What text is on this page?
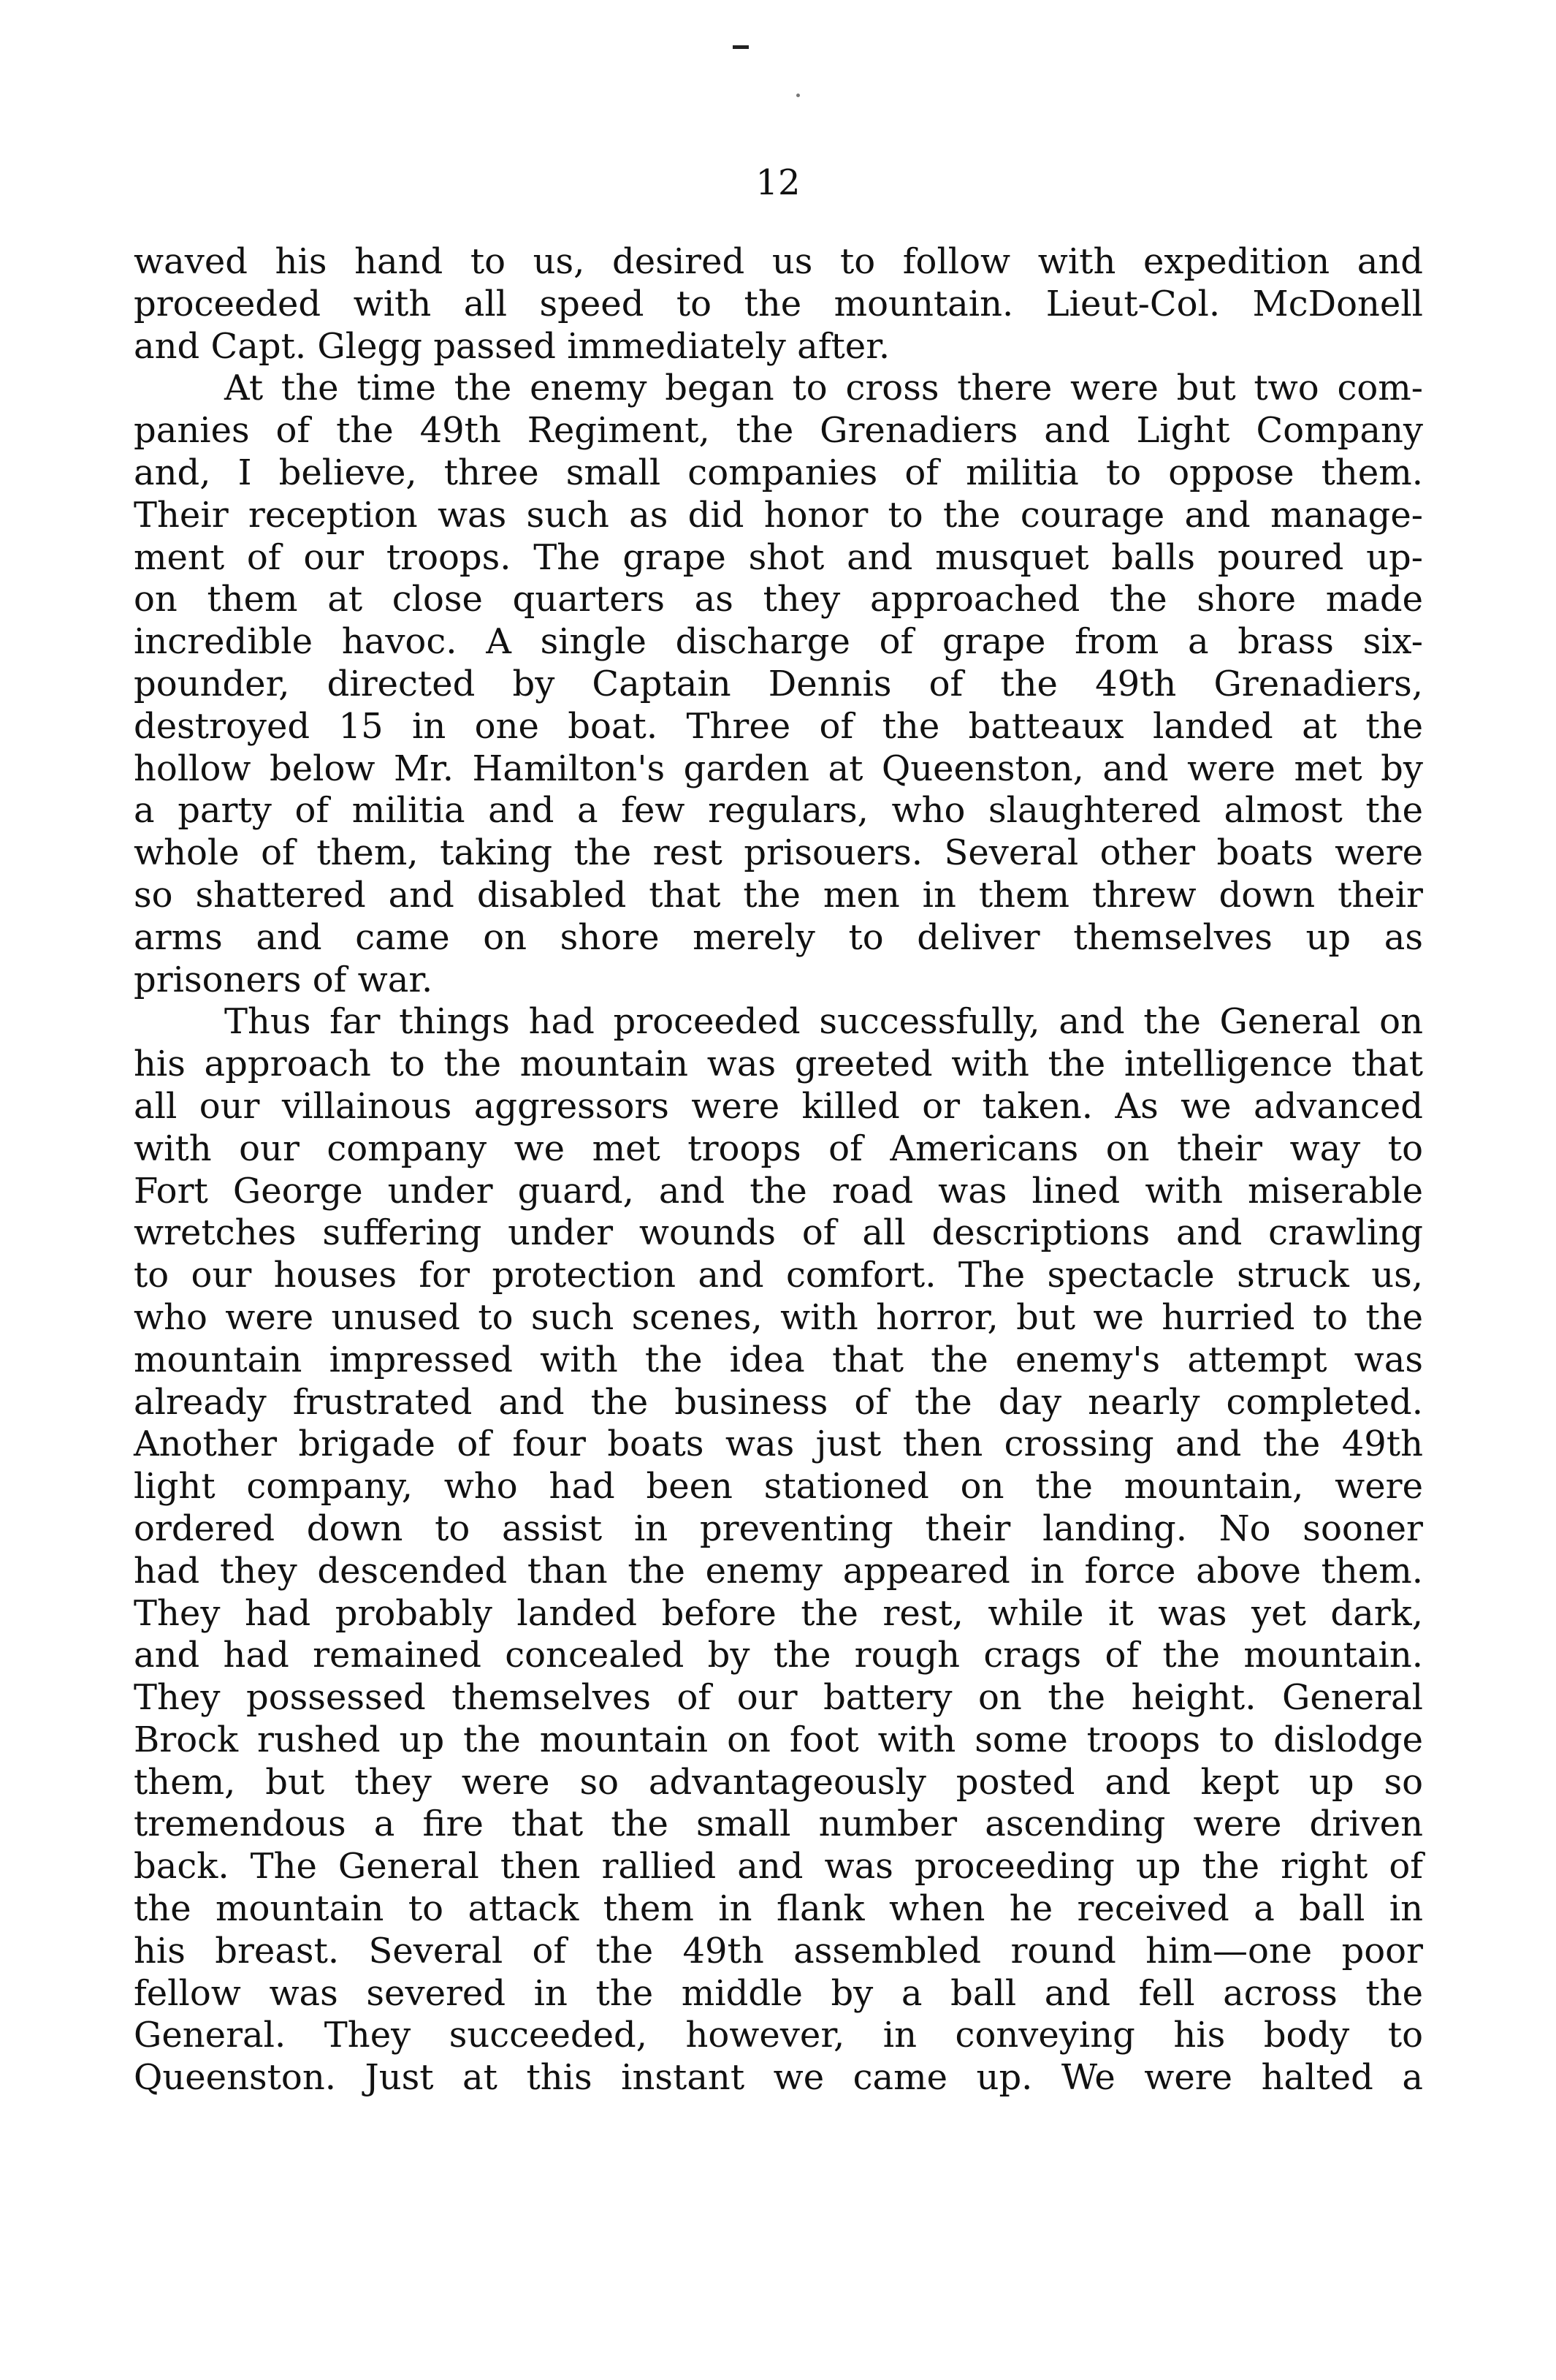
12
waved his hand to us, desired us to follow with expedition and
proceeded with all speed to the mountain. Lieut-Col. McDonell
and Capt. Glegg passed immediately after.
At the time the enemy began to cross there were but two com-
panies of the 49th Regiment, the Grenadiers and Light Company
and, I believe, three small companies of militia to oppose them.
Their reception was such as did honor to the courage and manage-
ment of our troops. The grape shot and musquet balls poured up-
on them at close quarters as they approached the shore made
incredible havoc. A single discharge of grape from a brass six-
pounder, directed by Captain Dennis of the 49th Grenadiers,
destroyed 15 in one boat. Three of the batteaux landed at the
hollow below Mr. Hamilton's garden at Queenston, and were met by
a party of militia and a few regulars, who slaughtered almost the
whole of them, taking the rest prisouers. Several other boats were
so shattered and disabled that the men in them threw down their
arms and came on shore merely to deliver themselves up as
prisoners of war.
Thus far things had proceeded successfully, and the General on
his approach to the mountain was greeted with the intelligence that
all our villainous aggressors were killed or taken. As we advanced
with our company we met troops of Americans on their way to
Fort George under guard, and the road was lined with miserable
wretches suffering under wounds of all descriptions and crawling
to our houses for protection and comfort. The spectacle struck us,
who were unused to such scenes, with horror, but we hurried to the
mountain impressed with the idea that the enemy's attempt was
already frustrated and the business of the day nearly completed.
Another brigade of four boats was just then crossing and the 49th
light company, who had been stationed on the mountain, were
ordered down to assist in preventing their landing. No sooner
had they descended than the enemy appeared in force above them.
They had probably landed before the rest, while it was yet dark,
and had remained concealed by the rough crags of the mountain.
They possessed themselves of our battery on the height. General
Brock rushed up the mountain on foot with some troops to dislodge
them, but they were so advantageously posted and kept up so
tremendous a fire that the small number ascending were driven
back. The General then rallied and was proceeding up the right of
the mountain to attack them in flank when he received a ball in
his breast. Several of the 49th assembled round him—one poor
fellow was severed in the middle by a ball and fell across the
General. They succeeded, however, in conveying his body to
Queenston. Just at this instant we came up. We were halted a
